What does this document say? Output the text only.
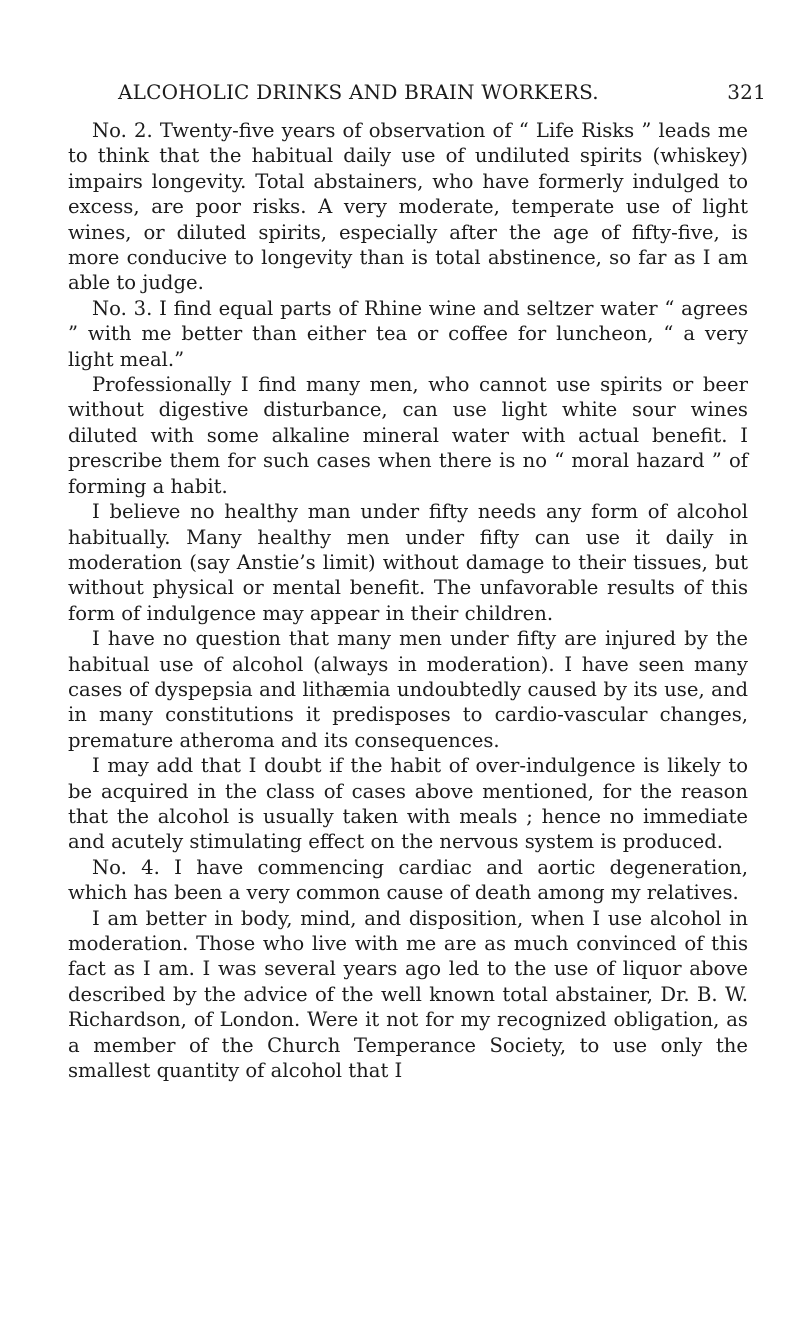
ALCOHOLIC DRINKS AND BRAIN WORKERS.	321

No. 2. Twenty-five years of observation of “ Life Risks ” leads me to think that the habitual daily use of undiluted spirits (whiskey) impairs longevity. Total abstainers, who have formerly indulged to excess, are poor risks. A very moderate, temperate use of light wines, or diluted spirits, especially after the age of fifty-five, is more conducive to longevity than is total abstinence, so far as I am able to judge.

No. 3. I find equal parts of Rhine wine and seltzer water “ agrees ” with me better than either tea or coffee for luncheon, “ a very light meal.”

Professionally I find many men, who cannot use spirits or beer without digestive disturbance, can use light white sour wines diluted with some alkaline mineral water with actual benefit. I prescribe them for such cases when there is no “ moral hazard ” of forming a habit.

I believe no healthy man under fifty needs any form of alcohol habitually. Many healthy men under fifty can use it daily in moderation (say Anstie’s limit) without damage to their tissues, but without physical or mental benefit. The unfavorable results of this form of indulgence may appear in their children.

I have no question that many men under fifty are injured by the habitual use of alcohol (always in moderation). I have seen many cases of dyspepsia and lithæmia undoubtedly caused by its use, and in many constitutions it predisposes to cardio-vascular changes, premature atheroma and its consequences.

I may add that I doubt if the habit of over-indulgence is likely to be acquired in the class of cases above mentioned, for the reason that the alcohol is usually taken with meals ; hence no immediate and acutely stimulating effect on the nervous system is produced.

No. 4. I have commencing cardiac and aortic degeneration, which has been a very common cause of death among my relatives.

I am better in body, mind, and disposition, when I use alcohol in moderation. Those who live with me are as much convinced of this fact as I am. I was several years ago led to the use of liquor above described by the advice of the well known total abstainer, Dr. B. W. Richardson, of London. Were it not for my recognized obligation, as a member of the Church Temperance Society, to use only the smallest quantity of alcohol that I
